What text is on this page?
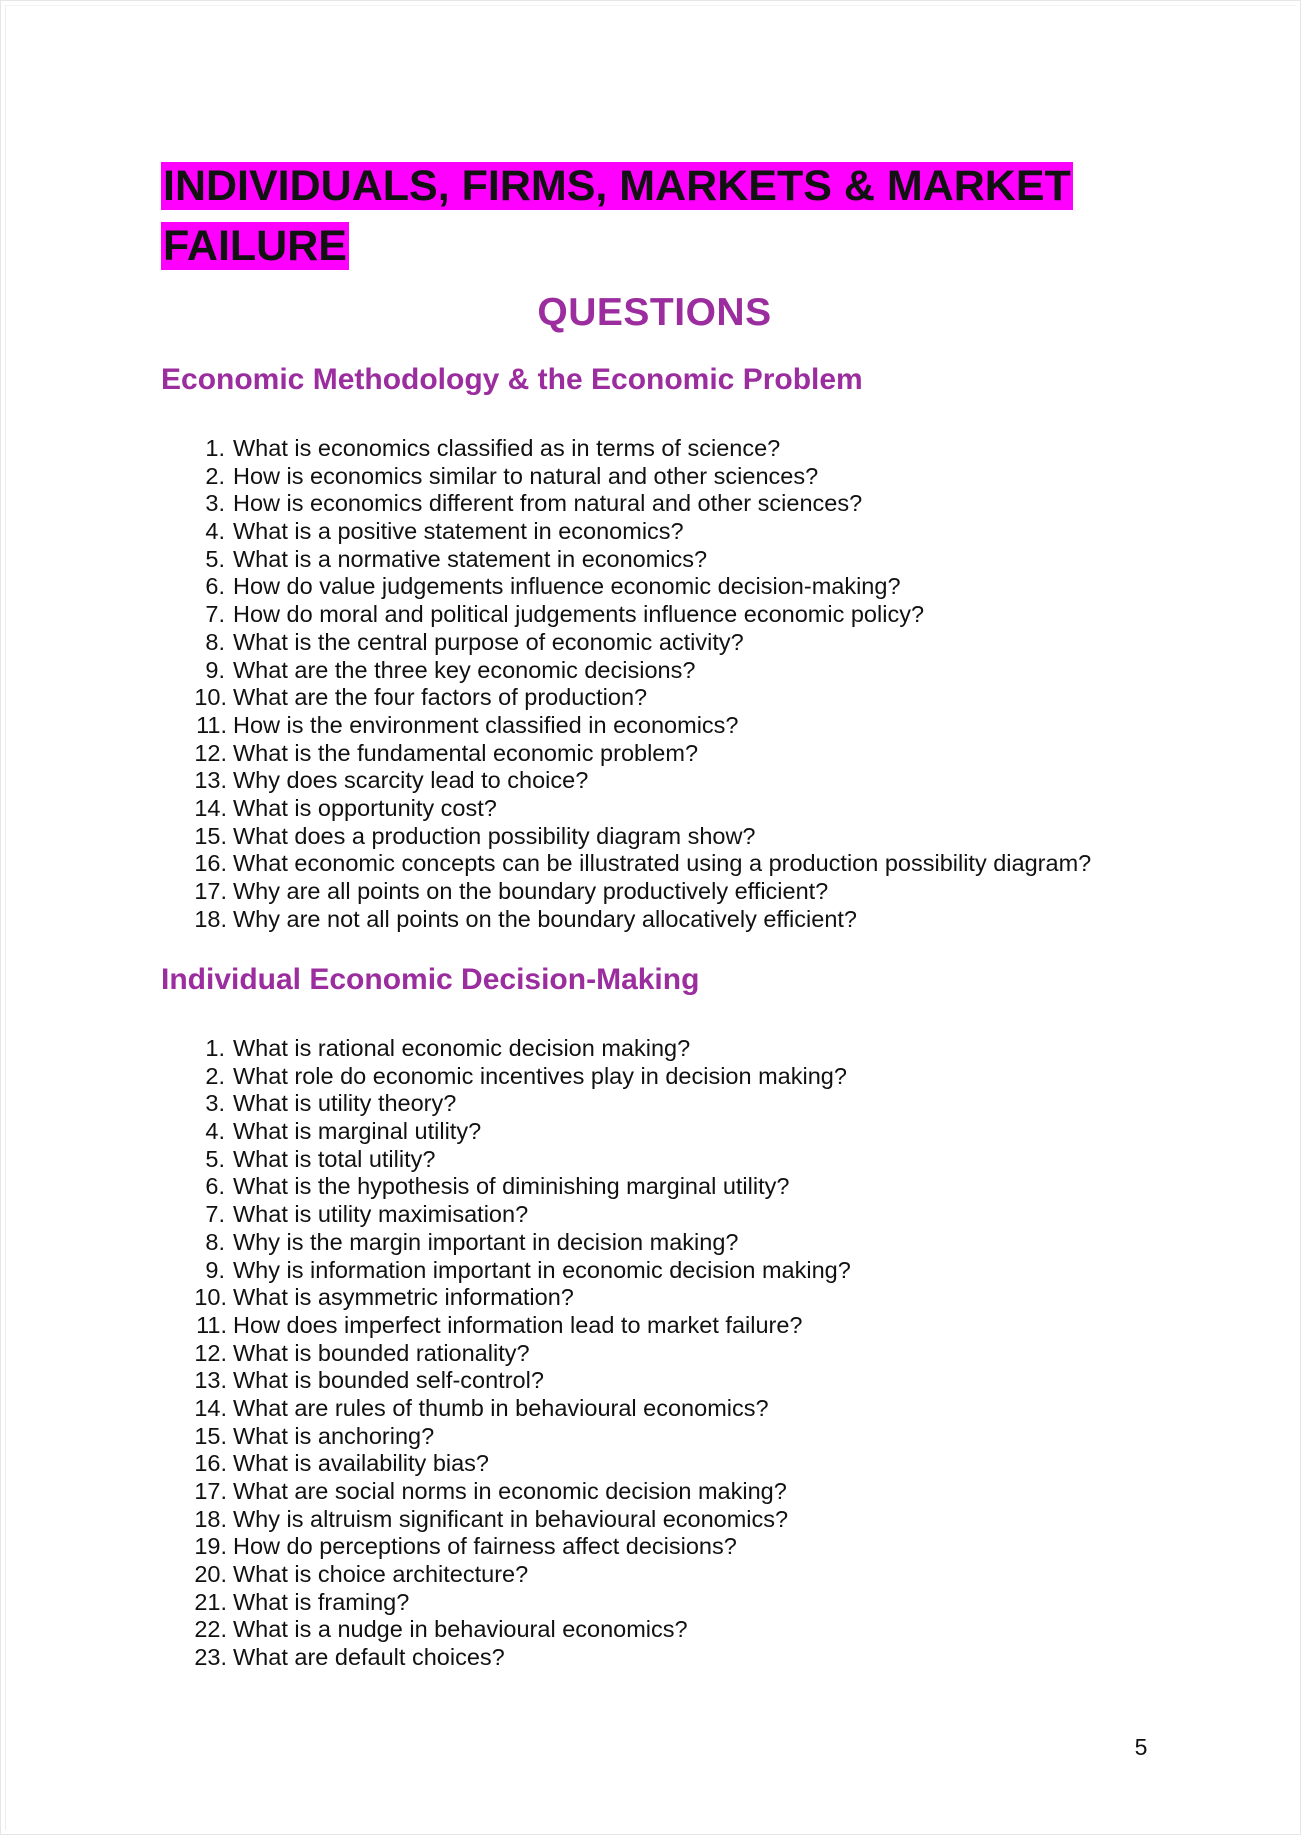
INDIVIDUALS, FIRMS, MARKETS & MARKET FAILURE
QUESTIONS
Economic Methodology & the Economic Problem
1. What is economics classified as in terms of science?
2. How is economics similar to natural and other sciences?
3. How is economics different from natural and other sciences?
4. What is a positive statement in economics?
5. What is a normative statement in economics?
6. How do value judgements influence economic decision-making?
7. How do moral and political judgements influence economic policy?
8. What is the central purpose of economic activity?
9. What are the three key economic decisions?
10. What are the four factors of production?
11. How is the environment classified in economics?
12. What is the fundamental economic problem?
13. Why does scarcity lead to choice?
14. What is opportunity cost?
15. What does a production possibility diagram show?
16. What economic concepts can be illustrated using a production possibility diagram?
17. Why are all points on the boundary productively efficient?
18. Why are not all points on the boundary allocatively efficient?
Individual Economic Decision-Making
1. What is rational economic decision making?
2. What role do economic incentives play in decision making?
3. What is utility theory?
4. What is marginal utility?
5. What is total utility?
6. What is the hypothesis of diminishing marginal utility?
7. What is utility maximisation?
8. Why is the margin important in decision making?
9. Why is information important in economic decision making?
10. What is asymmetric information?
11. How does imperfect information lead to market failure?
12. What is bounded rationality?
13. What is bounded self-control?
14. What are rules of thumb in behavioural economics?
15. What is anchoring?
16. What is availability bias?
17. What are social norms in economic decision making?
18. Why is altruism significant in behavioural economics?
19. How do perceptions of fairness affect decisions?
20. What is choice architecture?
21. What is framing?
22. What is a nudge in behavioural economics?
23. What are default choices?

5
